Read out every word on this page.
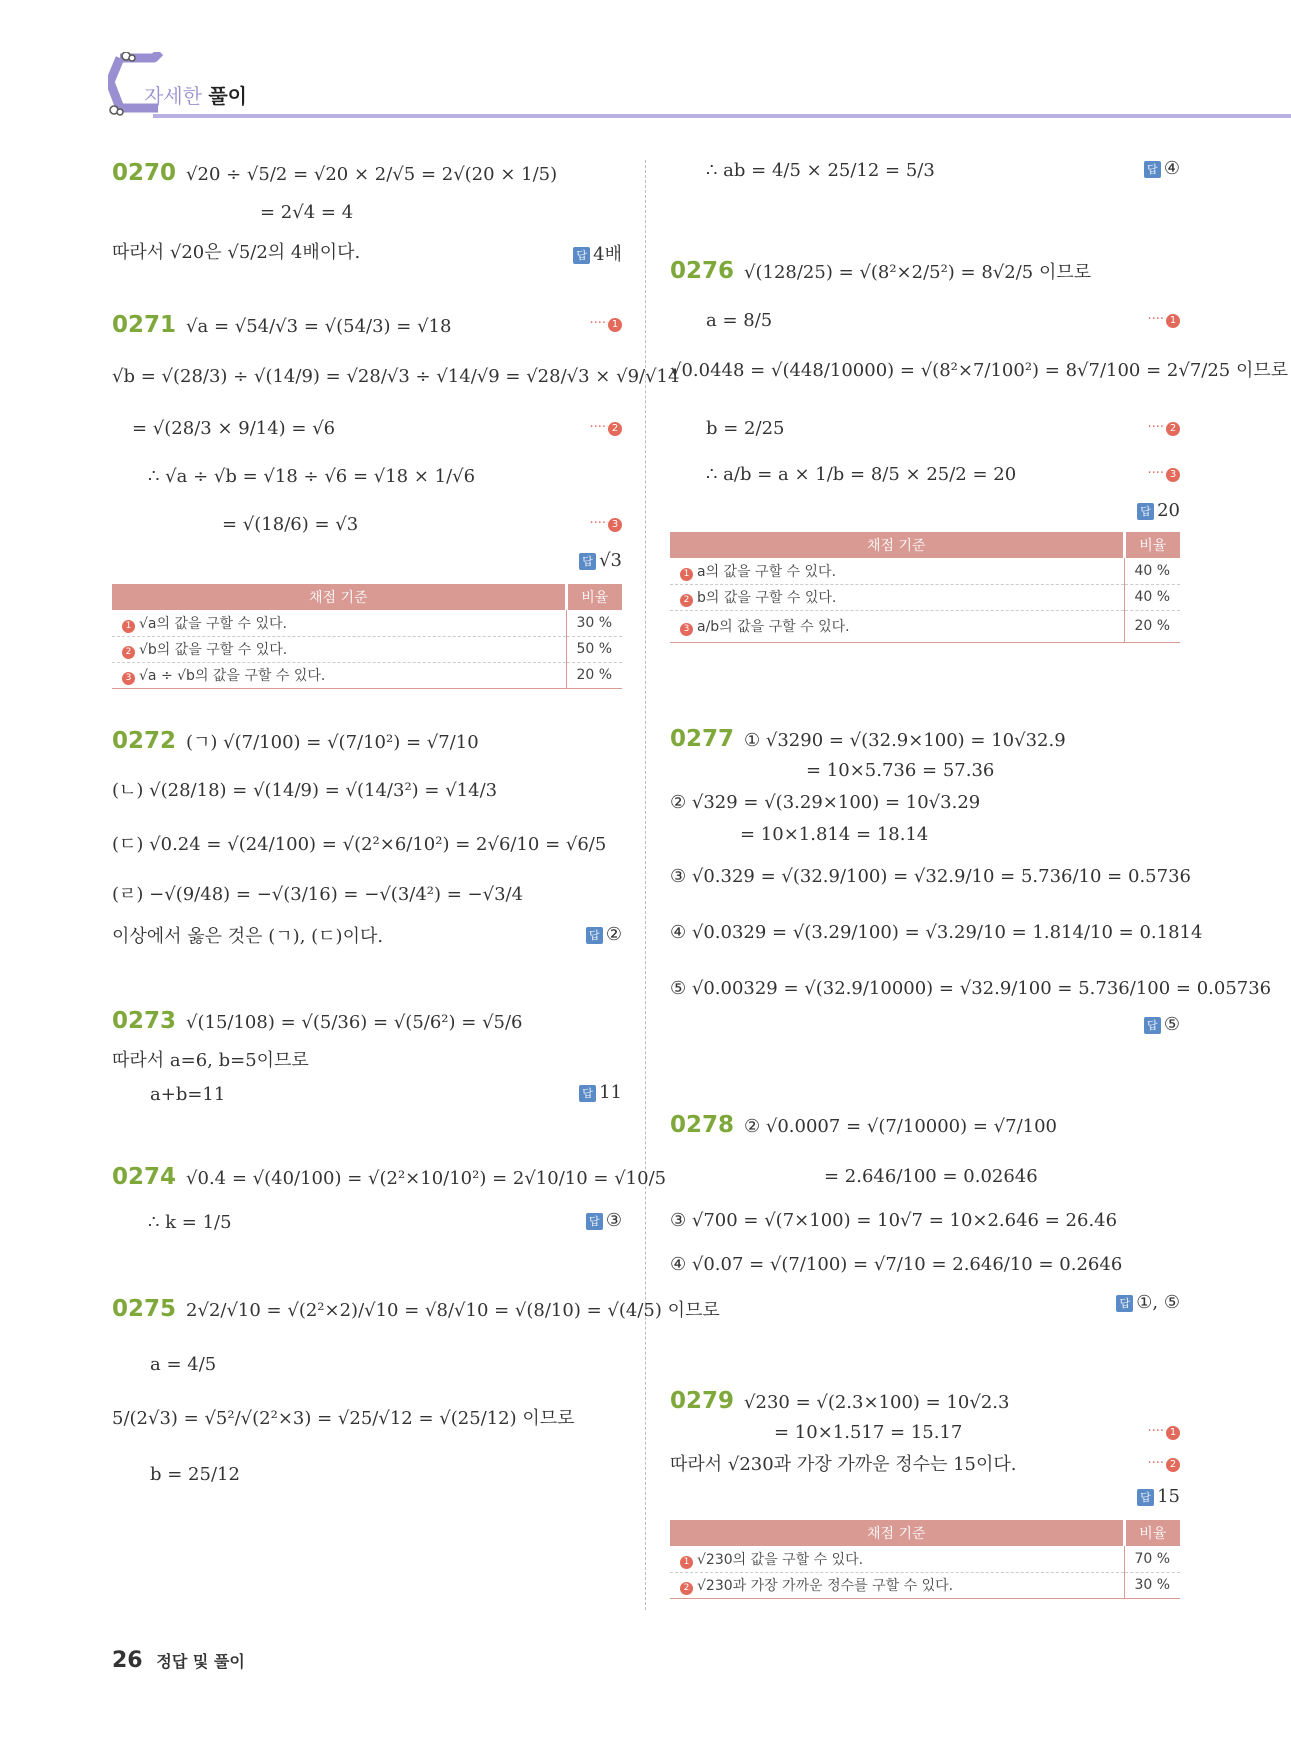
자세한 풀이
0270 √20 ÷ √5/2 = √20 × 2/√5 = 2√(20 × 1/5)
= 2√4 = 4
따라서 √20은 √5/2의 4배이다.	답 4배
0271 √a = √54/√3 = √(54/3) = √18	···· 1
√b = √(28/3) ÷ √(14/9) = √28/√3 ÷ √14/√9 = √28/√3 × √9/√14
= √(28/3 × 9/14) = √6	···· 2
∴ √a ÷ √b = √18 ÷ √6 = √18 × 1/√6
= √(18/6) = √3	···· 3
답 √3
채점 기준	비율
1 √a의 값을 구할 수 있다.	30 %
2 √b의 값을 구할 수 있다.	50 %
3 √a ÷ √b의 값을 구할 수 있다.	20 %
0272 (ㄱ) √(7/100) = √(7/10²) = √7/10
(ㄴ) √(28/18) = √(14/9) = √(14/3²) = √14/3
(ㄷ) √0.24 = √(24/100) = √(2²×6/10²) = 2√6/10 = √6/5
(ㄹ) −√(9/48) = −√(3/16) = −√(3/4²) = −√3/4
이상에서 옳은 것은 (ㄱ), (ㄷ)이다.	답 ②
0273 √(15/108) = √(5/36) = √(5/6²) = √5/6
따라서 a=6, b=5이므로
a+b=11	답 11
0274 √0.4 = √(40/100) = √(2²×10/10²) = 2√10/10 = √10/5
∴ k = 1/5	답 ③
0275 2√2/√10 = √(2²×2)/√10 = √8/√10 = √(8/10) = √(4/5) 이므로
a = 4/5
5/(2√3) = √5²/√(2²×3) = √25/√12 = √(25/12) 이므로
b = 25/12
∴ ab = 4/5 × 25/12 = 5/3	답 ④
0276 √(128/25) = √(8²×2/5²) = 8√2/5 이므로
a = 8/5	···· 1
√0.0448 = √(448/10000) = √(8²×7/100²) = 8√7/100 = 2√7/25 이므로
b = 2/25	···· 2
∴ a/b = a × 1/b = 8/5 × 25/2 = 20	···· 3
답 20
채점 기준	비율
1 a의 값을 구할 수 있다.	40 %
2 b의 값을 구할 수 있다.	40 %
3 a/b의 값을 구할 수 있다.	20 %
0277 ① √3290 = √(32.9×100) = 10√32.9
= 10×5.736 = 57.36
② √329 = √(3.29×100) = 10√3.29
= 10×1.814 = 18.14
③ √0.329 = √(32.9/100) = √32.9/10 = 5.736/10 = 0.5736
④ √0.0329 = √(3.29/100) = √3.29/10 = 1.814/10 = 0.1814
⑤ √0.00329 = √(32.9/10000) = √32.9/100 = 5.736/100 = 0.05736
답 ⑤
0278 ② √0.0007 = √(7/10000) = √7/100
= 2.646/100 = 0.02646
③ √700 = √(7×100) = 10√7 = 10×2.646 = 26.46
④ √0.07 = √(7/100) = √7/10 = 2.646/10 = 0.2646
답 ①, ⑤
0279 √230 = √(2.3×100) = 10√2.3
= 10×1.517 = 15.17	···· 1
따라서 √230과 가장 가까운 정수는 15이다.	···· 2
답 15
채점 기준	비율
1 √230의 값을 구할 수 있다.	70 %
2 √230과 가장 가까운 정수를 구할 수 있다.	30 %
26 정답 및 풀이
